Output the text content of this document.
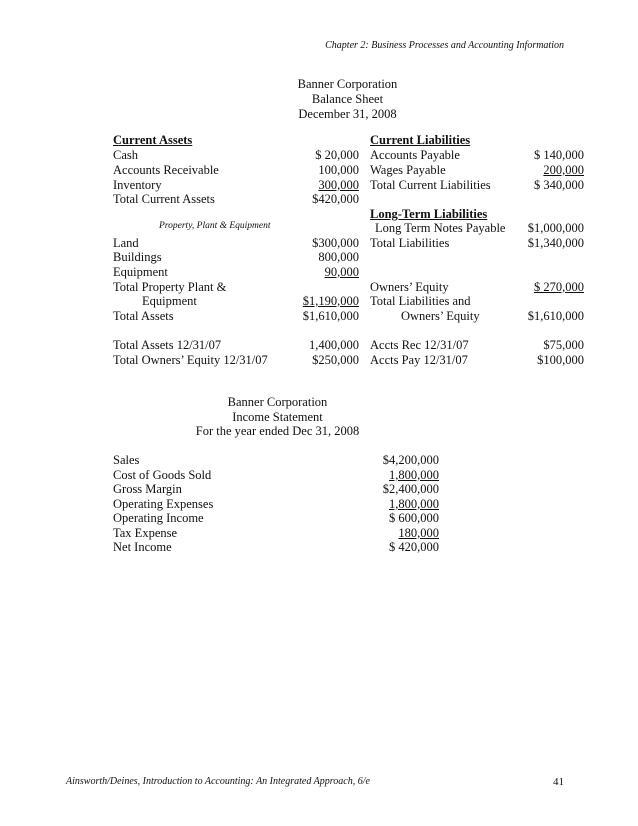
Chapter 2: Business Processes and Accounting Information
Banner Corporation
Balance Sheet
December 31, 2008
Current Assets
Cash	$ 20,000
Accounts Receivable	100,000
Inventory	300,000
Total Current Assets	$420,000
Property, Plant & Equipment
Land	$300,000
Buildings	800,000
Equipment	90,000
Total Property Plant &
Equipment	$1,190,000
Total Assets	$1,610,000
Current Liabilities
Accounts Payable	$ 140,000
Wages Payable	200,000
Total Current Liabilities	$ 340,000
Long-Term Liabilities
Long Term Notes Payable $1,000,000
Total Liabilities	$1,340,000
Owners’ Equity	$ 270,000
Total Liabilities and
Owners’ Equity	$1,610,000
Total Assets 12/31/07	1,400,000 Accts Rec 12/31/07	$75,000
Total Owners’ Equity 12/31/07	$250,000 Accts Pay 12/31/07	$100,000
Banner Corporation
Income Statement
For the year ended Dec 31, 2008
Sales	$4,200,000
Cost of Goods Sold	1,800,000
Gross Margin	$2,400,000
Operating Expenses	1,800,000
Operating Income	$ 600,000
Tax Expense	180,000
Net Income	$ 420,000
Ainsworth/Deines, Introduction to Accounting: An Integrated Approach, 6/e	41
